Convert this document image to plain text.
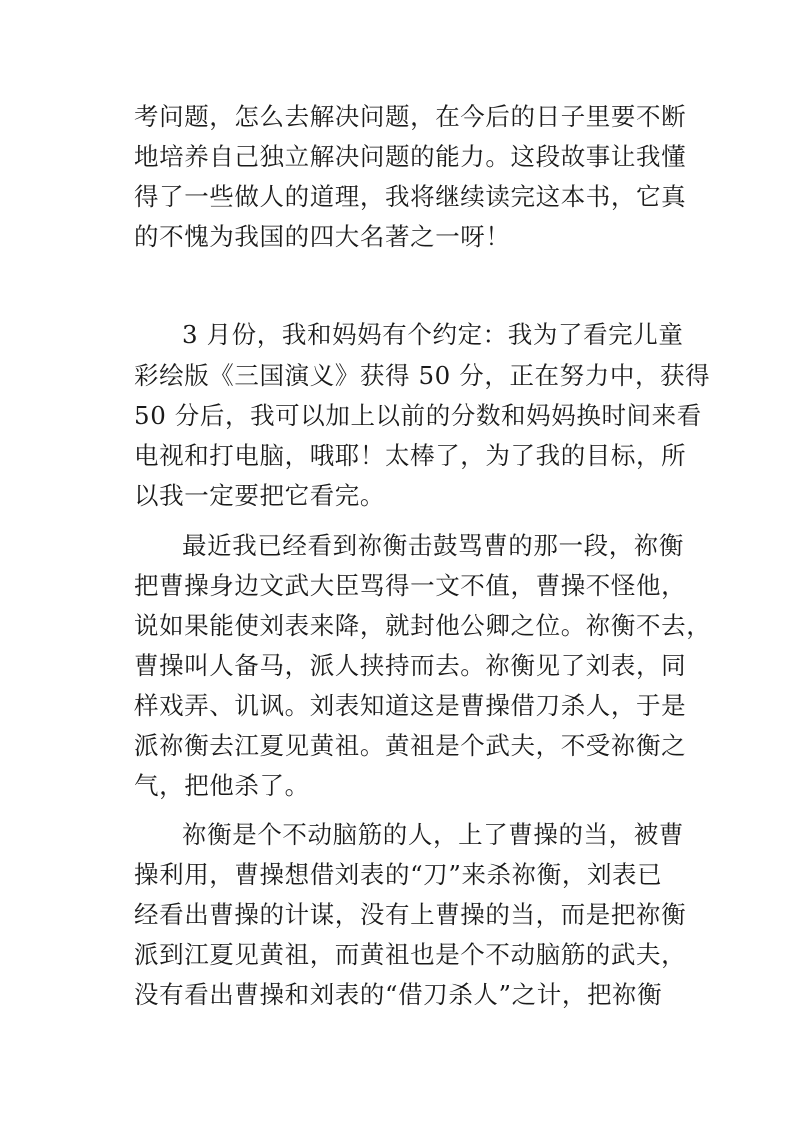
考问题，怎么去解决问题，在今后的日子里要不断
地培养自己独立解决问题的能力。这段故事让我懂
得了一些做人的道理，我将继续读完这本书，它真
的不愧为我国的四大名著之一呀！
3 月份，我和妈妈有个约定：我为了看完儿童
彩绘版《三国演义》获得 50 分，正在努力中，获得
50 分后，我可以加上以前的分数和妈妈换时间来看
电视和打电脑，哦耶！太棒了，为了我的目标，所
以我一定要把它看完。
最近我已经看到祢衡击鼓骂曹的那一段，祢衡
把曹操身边文武大臣骂得一文不值，曹操不怪他，
说如果能使刘表来降，就封他公卿之位。祢衡不去，
曹操叫人备马，派人挟持而去。祢衡见了刘表，同
样戏弄、讥讽。刘表知道这是曹操借刀杀人，于是
派祢衡去江夏见黄祖。黄祖是个武夫，不受祢衡之
气，把他杀了。
祢衡是个不动脑筋的人，上了曹操的当，被曹
操利用，曹操想借刘表的“刀”来杀祢衡，刘表已
经看出曹操的计谋，没有上曹操的当，而是把祢衡
派到江夏见黄祖，而黄祖也是个不动脑筋的武夫，
没有看出曹操和刘表的“借刀杀人”之计，把祢衡
